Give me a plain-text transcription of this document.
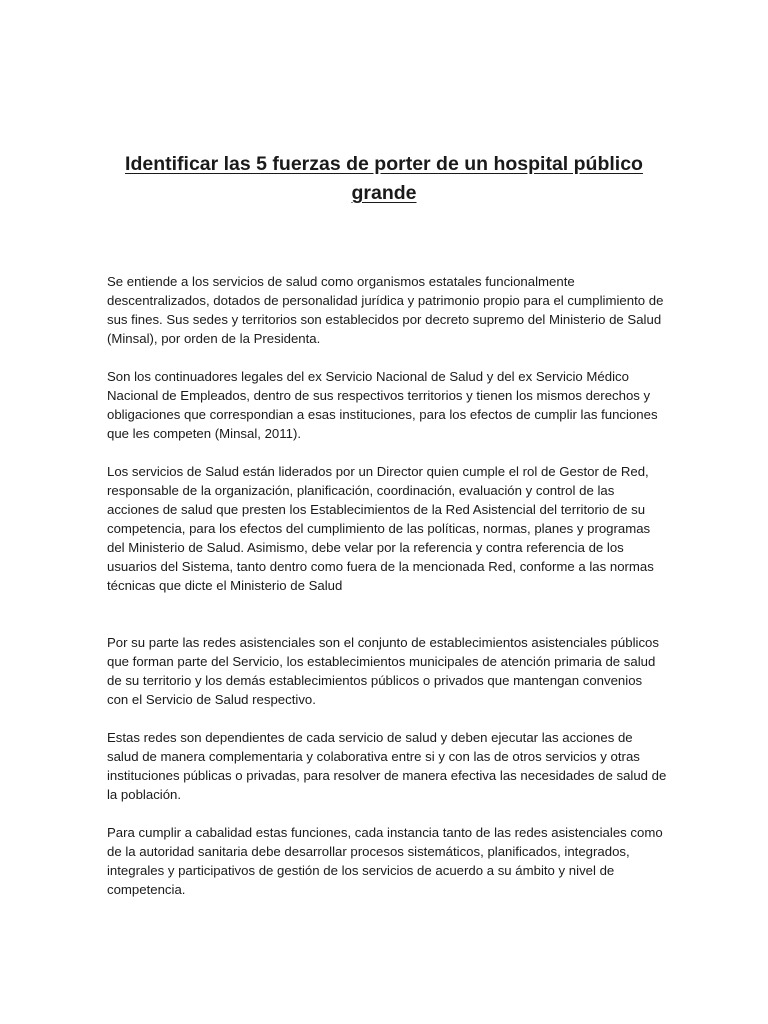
Identificar las 5 fuerzas de porter de un hospital público grande

Se entiende a los servicios de salud como organismos estatales funcionalmente descentralizados, dotados de personalidad jurídica y patrimonio propio para el cumplimiento de sus fines. Sus sedes y territorios son establecidos por decreto supremo del Ministerio de Salud (Minsal), por orden de la Presidenta.

Son los continuadores legales del ex Servicio Nacional de Salud y del ex Servicio Médico Nacional de Empleados, dentro de sus respectivos territorios y tienen los mismos derechos y obligaciones que correspondian a esas instituciones, para los efectos de cumplir las funciones que les competen (Minsal, 2011).

Los servicios de Salud están liderados por un Director quien cumple el rol de Gestor de Red, responsable de la organización, planificación, coordinación, evaluación y control de las acciones de salud que presten los Establecimientos de la Red Asistencial del territorio de su competencia, para los efectos del cumplimiento de las políticas, normas, planes y programas del Ministerio de Salud. Asimismo, debe velar por la referencia y contra referencia de los usuarios del Sistema, tanto dentro como fuera de la mencionada Red, conforme a las normas técnicas que dicte el Ministerio de Salud

Por su parte las redes asistenciales son el conjunto de establecimientos asistenciales públicos que forman parte del Servicio, los establecimientos municipales de atención primaria de salud de su territorio y los demás establecimientos públicos o privados que mantengan convenios con el Servicio de Salud respectivo.

Estas redes son dependientes de cada servicio de salud y deben ejecutar las acciones de salud de manera complementaria y colaborativa entre si y con las de otros servicios y otras instituciones públicas o privadas, para resolver de manera efectiva las necesidades de salud de la población.

Para cumplir a cabalidad estas funciones, cada instancia tanto de las redes asistenciales como de la autoridad sanitaria debe desarrollar procesos sistemáticos, planificados, integrados, integrales y participativos de gestión de los servicios de acuerdo a su ámbito y nivel de competencia.
